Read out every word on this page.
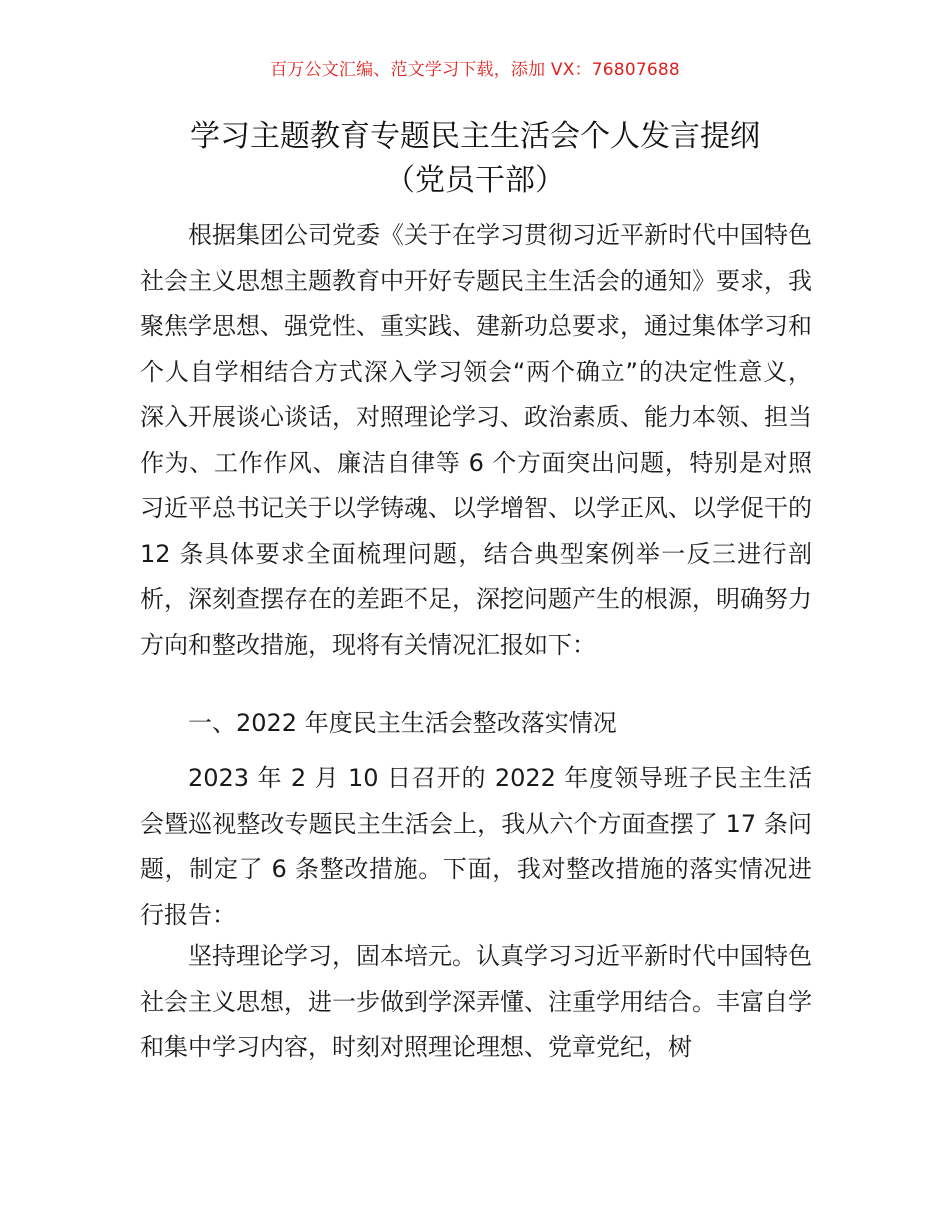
百万公文汇编、范文学习下载，添加 VX：76807688
学习主题教育专题民主生活会个人发言提纲
（党员干部）

根据集团公司党委《关于在学习贯彻习近平新时代中国特色社会主义思想主题教育中开好专题民主生活会的通知》要求，我聚焦学思想、强党性、重实践、建新功总要求，通过集体学习和个人自学相结合方式深入学习领会“两个确立”的决定性意义，深入开展谈心谈话，对照理论学习、政治素质、能力本领、担当作为、工作作风、廉洁自律等 6 个方面突出问题，特别是对照习近平总书记关于以学铸魂、以学增智、以学正风、以学促干的 12 条具体要求全面梳理问题，结合典型案例举一反三进行剖析，深刻查摆存在的差距不足，深挖问题产生的根源，明确努力方向和整改措施，现将有关情况汇报如下：

一、2022 年度民主生活会整改落实情况

2023 年 2 月 10 日召开的 2022 年度领导班子民主生活会暨巡视整改专题民主生活会上，我从六个方面查摆了 17 条问题，制定了 6 条整改措施。下面，我对整改措施的落实情况进行报告：

坚持理论学习，固本培元。认真学习习近平新时代中国特色社会主义思想，进一步做到学深弄懂、注重学用结合。丰富自学和集中学习内容，时刻对照理论理想、党章党纪，树
